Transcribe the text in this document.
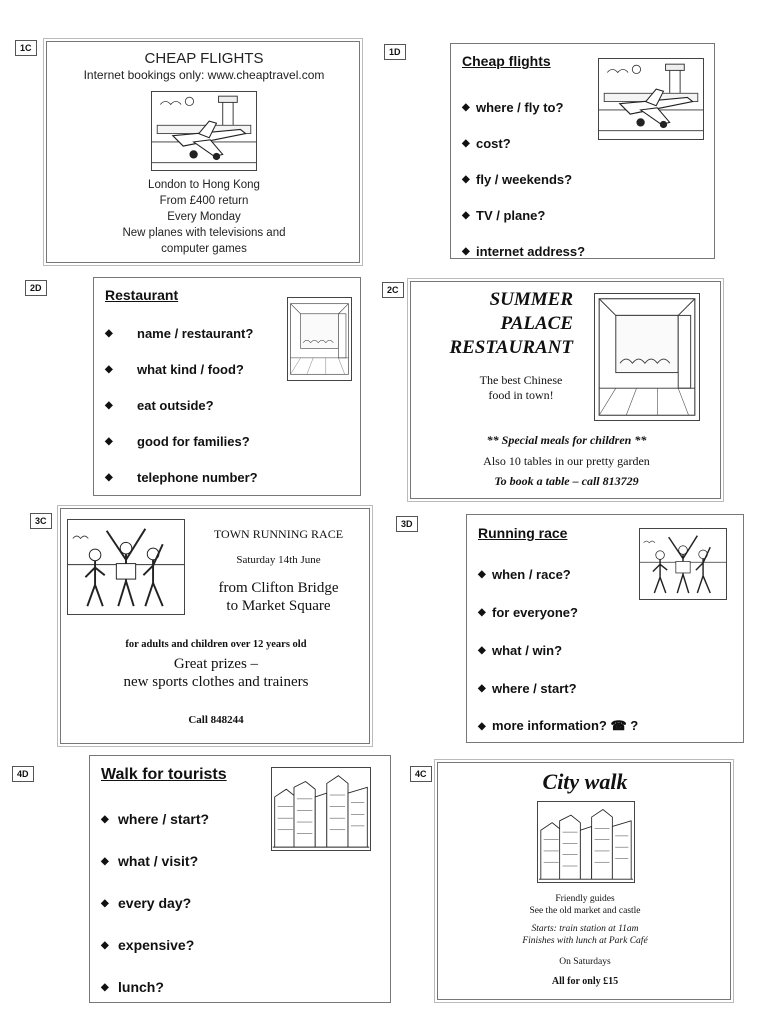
1C
CHEAP FLIGHTS
Internet bookings only: www.cheaptravel.com
London to Hong Kong
From £400 return
Every Monday
New planes with televisions and
computer games
1D
Cheap flights
◆ where / fly to?
◆ cost?
◆ fly / weekends?
◆ TV / plane?
◆ internet address?
2D	Restaurant
◆	name / restaurant?
◆	what kind / food?
◆	eat outside?
◆	good for families?
◆	telephone number?
2C	SUMMER
PALACE
RESTAURANT
The best Chinese
food in town!
** Special meals for children **
Also 10 tables in our pretty garden
To book a table – call 813729
3C
TOWN RUNNING RACE
Saturday 14th June
from Clifton Bridge
to Market Square
for adults and children over 12 years old
Great prizes –
new sports clothes and trainers
Call 848244
3D
Running race
◆ when / race?
◆ for everyone?
◆ what / win?
◆ where / start?
◆ more information? ☎ ?
4D	Walk for tourists
◆ where / start?
◆ what / visit?
◆ every day?
◆ expensive?
◆ lunch?
4C	City walk
Friendly guides
See the old market and castle
Starts: train station at 11am
Finishes with lunch at Park Café
On Saturdays
All for only £15
